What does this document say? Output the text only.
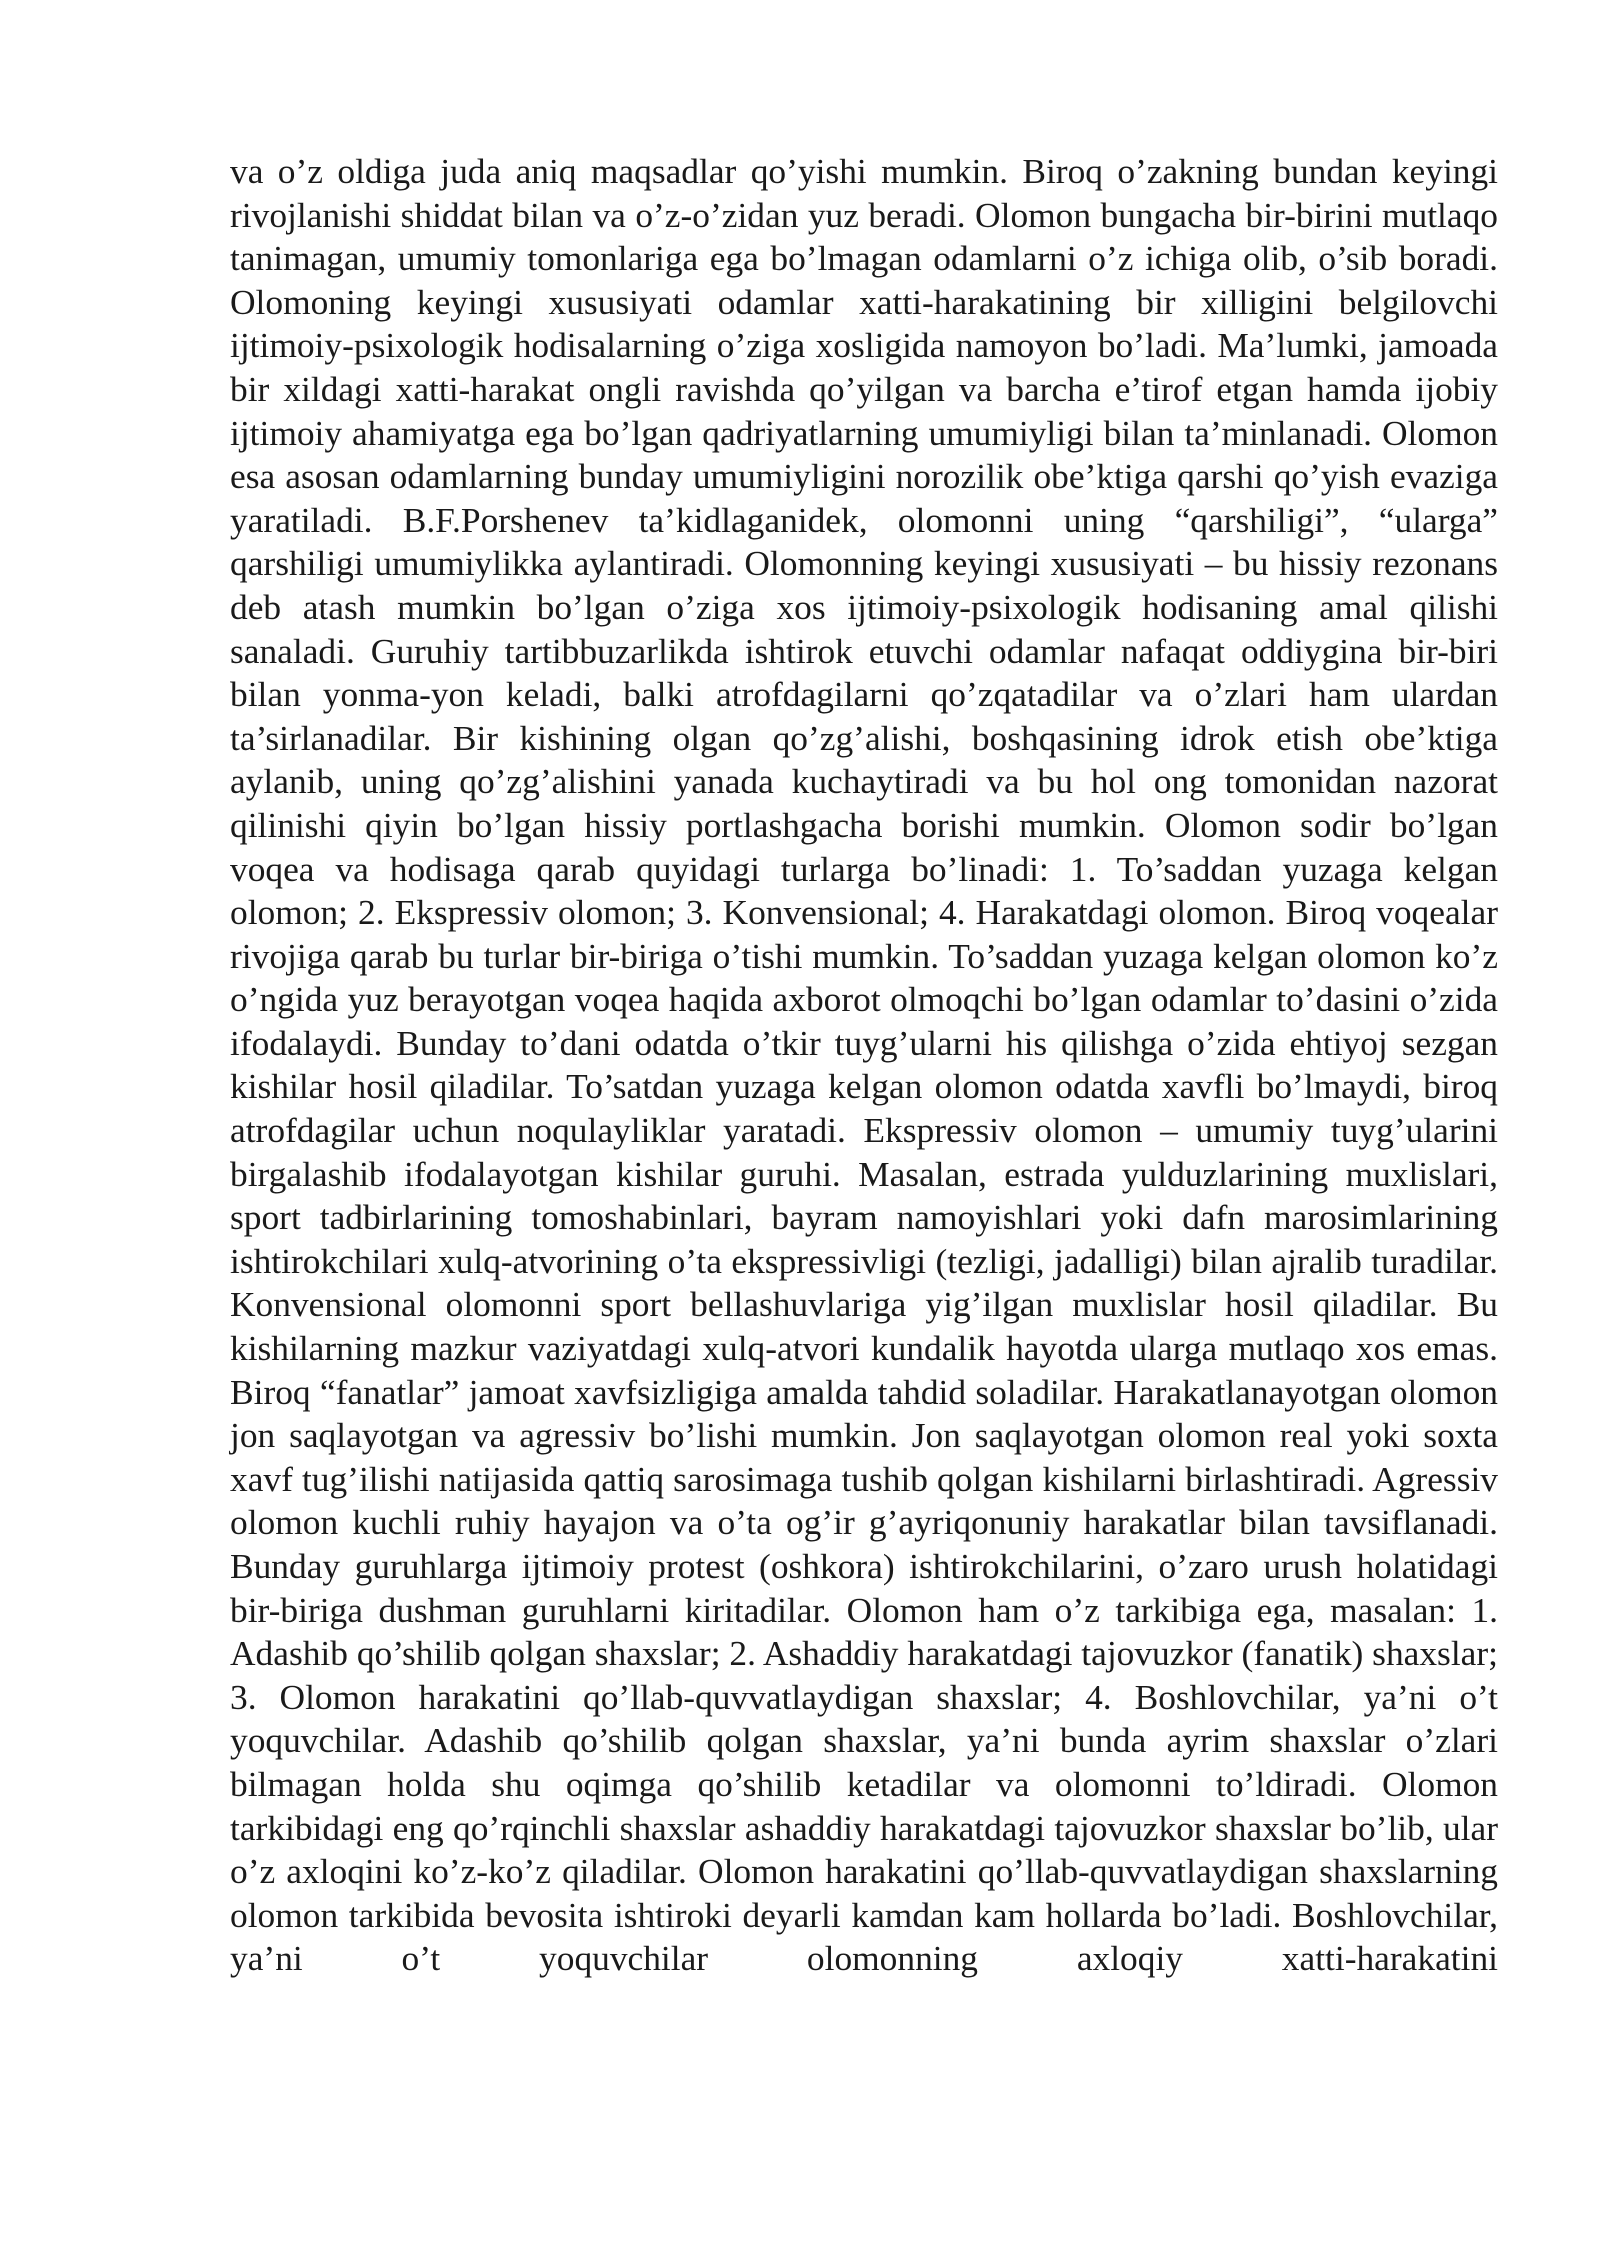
va o’z oldiga juda aniq maqsadlar qo’yishi mumkin. Biroq o’zakning bundan keyingi rivojlanishi shiddat bilan va o’z-o’zidan yuz beradi. Olomon bungacha bir-birini mutlaqo tanimagan, umumiy tomonlariga ega bo’lmagan odamlarni o’z ichiga olib, o’sib boradi. Olomoning keyingi xususiyati odamlar xatti-harakatining bir xilligini belgilovchi ijtimoiy-psixologik hodisalarning o’ziga xosligida namoyon bo’ladi. Ma’lumki, jamoada bir xildagi xatti-harakat ongli ravishda qo’yilgan va barcha e’tirof etgan hamda ijobiy ijtimoiy ahamiyatga ega bo’lgan qadriyatlarning umumiyligi bilan ta’minlanadi. Olomon esa asosan odamlarning bunday umumiyligini norozilik obe’ktiga qarshi qo’yish evaziga yaratiladi. B.F.Porshenev ta’kidlaganidek, olomonni uning “qarshiligi”, “ularga” qarshiligi umumiylikka aylantiradi. Olomonning keyingi xususiyati – bu hissiy rezonans deb atash mumkin bo’lgan o’ziga xos ijtimoiy-psixologik hodisaning amal qilishi sanaladi. Guruhiy tartibbuzarlikda ishtirok etuvchi odamlar nafaqat oddiygina bir-biri bilan yonma-yon keladi, balki atrofdagilarni qo’zqatadilar va o’zlari ham ulardan ta’sirlanadilar. Bir kishining olgan qo’zg’alishi, boshqasining idrok etish obe’ktiga aylanib, uning qo’zg’alishini yanada kuchaytiradi va bu hol ong tomonidan nazorat qilinishi qiyin bo’lgan hissiy portlashgacha borishi mumkin. Olomon sodir bo’lgan voqea va hodisaga qarab quyidagi turlarga bo’linadi: 1. To’saddan yuzaga kelgan olomon; 2. Ekspressiv olomon; 3. Konvensional; 4. Harakatdagi olomon. Biroq voqealar rivojiga qarab bu turlar bir-biriga o’tishi mumkin. To’saddan yuzaga kelgan olomon ko’z o’ngida yuz berayotgan voqea haqida axborot olmoqchi bo’lgan odamlar to’dasini o’zida ifodalaydi. Bunday to’dani odatda o’tkir tuyg’ularni his qilishga o’zida ehtiyoj sezgan kishilar hosil qiladilar. To’satdan yuzaga kelgan olomon odatda xavfli bo’lmaydi, biroq atrofdagilar uchun noqulayliklar yaratadi. Ekspressiv olomon – umumiy tuyg’ularini birgalashib ifodalayotgan kishilar guruhi. Masalan, estrada yulduzlarining muxlislari, sport tadbirlarining tomoshabinlari, bayram namoyishlari yoki dafn marosimlarining ishtirokchilari xulq-atvorining o’ta ekspressivligi (tezligi, jadalligi) bilan ajralib turadilar. Konvensional olomonni sport bellashuvlariga yig’ilgan muxlislar hosil qiladilar. Bu kishilarning mazkur vaziyatdagi xulq-atvori kundalik hayotda ularga mutlaqo xos emas. Biroq “fanatlar” jamoat xavfsizligiga amalda tahdid soladilar. Harakatlanayotgan olomon jon saqlayotgan va agressiv bo’lishi mumkin. Jon saqlayotgan olomon real yoki soxta xavf tug’ilishi natijasida qattiq sarosimaga tushib qolgan kishilarni birlashtiradi. Agressiv olomon kuchli ruhiy hayajon va o’ta og’ir g’ayriqonuniy harakatlar bilan tavsiflanadi. Bunday guruhlarga ijtimoiy protest (oshkora) ishtirokchilarini, o’zaro urush holatidagi bir-biriga dushman guruhlarni kiritadilar. Olomon ham o’z tarkibiga ega, masalan: 1. Adashib qo’shilib qolgan shaxslar; 2. Ashaddiy harakatdagi tajovuzkor (fanatik) shaxslar; 3. Olomon harakatini qo’llab-quvvatlaydigan shaxslar; 4. Boshlovchilar, ya’ni o’t yoquvchilar. Adashib qo’shilib qolgan shaxslar, ya’ni bunda ayrim shaxslar o’zlari bilmagan holda shu oqimga qo’shilib ketadilar va olomonni to’ldiradi. Olomon tarkibidagi eng qo’rqinchli shaxslar ashaddiy harakatdagi tajovuzkor shaxslar bo’lib, ular o’z axloqini ko’z-ko’z qiladilar. Olomon harakatini qo’llab-quvvatlaydigan shaxslarning olomon tarkibida bevosita ishtiroki deyarli kamdan kam hollarda bo’ladi. Boshlovchilar, ya’ni o’t yoquvchilar olomonning axloqiy xatti-harakatini
